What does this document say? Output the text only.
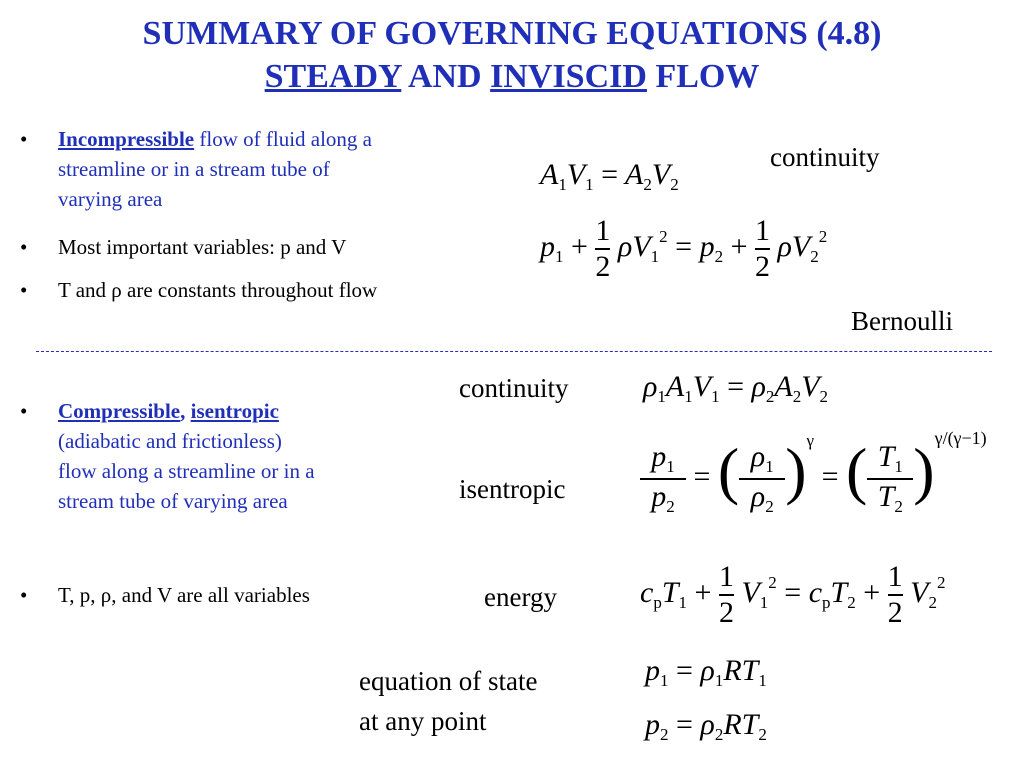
SUMMARY OF GOVERNING EQUATIONS (4.8)
STEADY AND INVISCID FLOW
• Incompressible flow of fluid along a
streamline or in a stream tube of
varying area
• Most important variables: p and V
• T and ρ are constants throughout flow
continuity
$A_1V_1 = A_2V_2$
$p_1 + \frac{1}{2} \rho V_1^2 = p_2 + \frac{1}{2} \rho V_2^2$
Bernoulli
• Compressible, isentropic
(adiabatic and frictionless)
flow along a streamline or in a
stream tube of varying area
• T, p, ρ, and V are all variables
continuity
isentropic
energy
equation of state
at any point
$\rho_1A_1V_1 = \rho_2A_2V_2$
$\frac{p_1}{p_2}$ = ( $\frac{\rho_1}{\rho_2} )^\gamma$ = ( $\frac{T_1}{T_2} )^{\gamma/(\gamma-1)}$
$c_pT_1 + \frac{1}{2} V_1^2 = c_pT_2 + \frac{1}{2} V_2^2$
$p_1 = \rho_1RT_1$
$p_2 = \rho_2RT_2$
